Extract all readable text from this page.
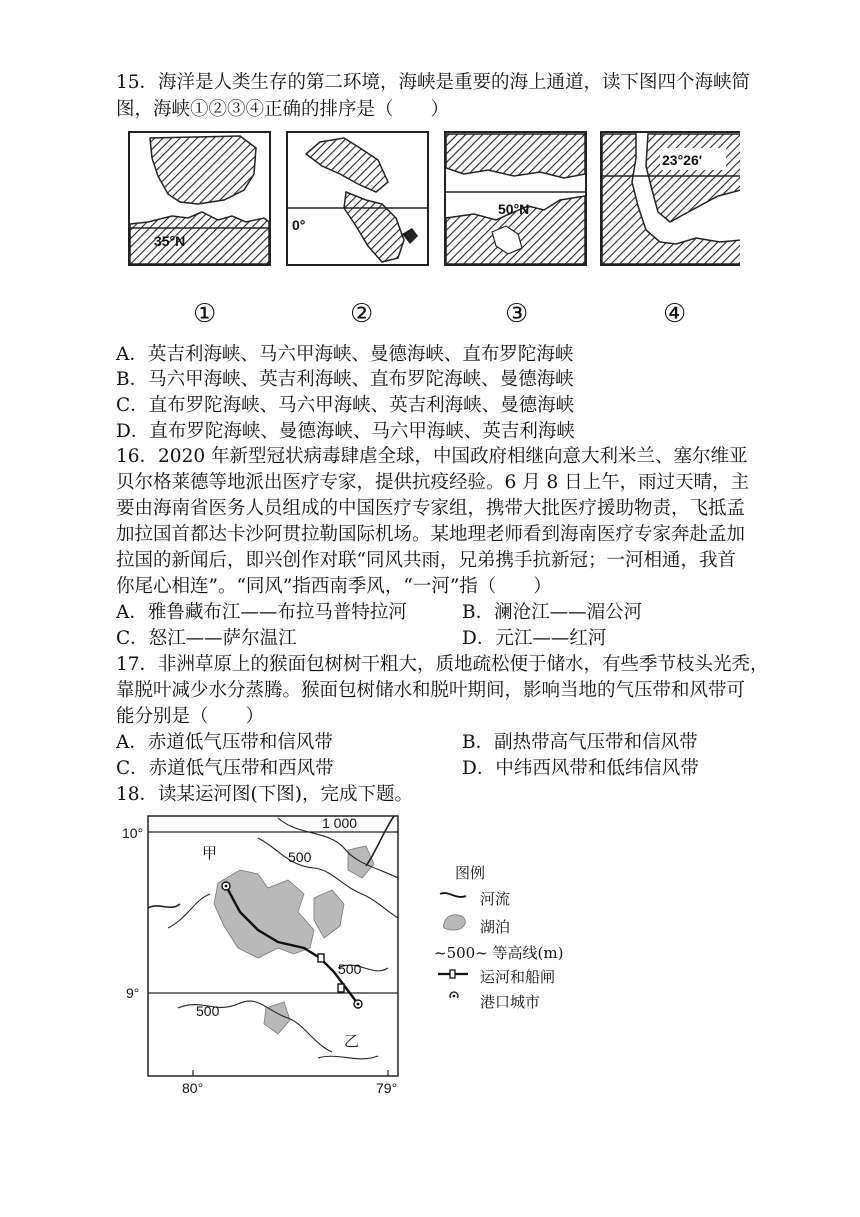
15．海洋是人类生存的第二环境，海峡是重要的海上通道，读下图四个海峡简
图，海峡①②③④正确的排序是（　　）
35°N
0°
50°N
23°26'
①	②	③	④
A．英吉利海峡、马六甲海峡、曼德海峡、直布罗陀海峡
B．马六甲海峡、英吉利海峡、直布罗陀海峡、曼德海峡
C．直布罗陀海峡、马六甲海峡、英吉利海峡、曼德海峡
D．直布罗陀海峡、曼德海峡、马六甲海峡、英吉利海峡
16．2020 年新型冠状病毒肆虐全球，中国政府相继向意大利米兰、塞尔维亚
贝尔格莱德等地派出医疗专家，提供抗疫经验。6 月 8 日上午，雨过天晴，主
要由海南省医务人员组成的中国医疗专家组，携带大批医疗援助物责，飞抵孟
加拉国首都达卡沙阿贯拉勒国际机场。某地理老师看到海南医疗专家奔赴孟加
拉国的新闻后，即兴创作对联“同风共雨，兄弟携手抗新冠；一河相通，我首
你尾心相连”。“同风”指西南季风，“一河”指（　　）
A．雅鲁藏布江——布拉马普特拉河	B．澜沧江——湄公河
C．怒江——萨尔温江	D．元江——红河
17．非洲草原上的猴面包树树干粗大，质地疏松便于储水，有些季节枝头光秃，
靠脱叶减少水分蒸腾。猴面包树储水和脱叶期间，影响当地的气压带和风带可
能分别是（　　）
A．赤道低气压带和信风带	B．副热带高气压带和信风带
C．赤道低气压带和西风带	D．中纬西风带和低纬信风带
18．读某运河图(下图)，完成下题。
10°
9°
80°	79°
1 000
500
500
500
甲
乙
图例
河流
湖泊
~500~ 等高线(m)
运河和船闸
港口城市
